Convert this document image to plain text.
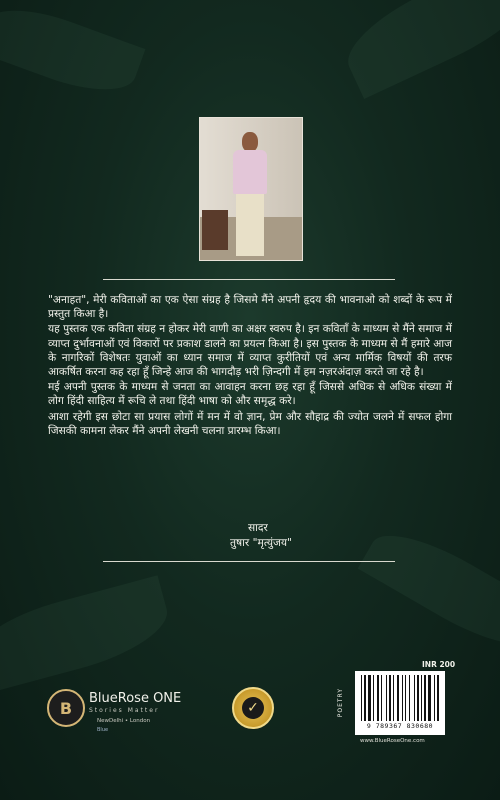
"अनाहत", मेरी कविताओं का एक ऐसा संग्रह है जिसमे मैंने अपनी हृदय की भावनाओ को शब्दों के रूप में प्रस्तुत किआ है।

यह पुस्तक एक कविता संग्रह न होकर मेरी वाणी का अक्षर स्वरुप है। इन कविताँ के माध्यम से मैंने समाज में व्याप्त दुर्भावनाओं एवं विकारों पर प्रकाश डालने का प्रयत्न किआ है। इस पुस्तक के माध्यम से मैं हमारे आज के नागरिकों विशेषतः युवाओं का ध्यान समाज में व्याप्त कुरीतियों एवं अन्य मार्मिक विषयों की तरफ आकर्षित करना कह रहा हूँ जिन्हे आज की भागदौड़ भरी ज़िन्दगी में हम नज़रअंदाज़ करते जा रहे है।

मई अपनी पुस्तक के माध्यम से जनता का आवाहन करना छह रहा हूँ जिससे अधिक से अधिक संख्या में लोग हिंदी साहित्य में रूचि ले तथा हिंदी भाषा को और समृद्ध करे।

आशा रहेगी इस छोटा सा प्रयास लोगों में मन में वो ज्ञान, प्रेम और सौहाद्र की ज्योत जलने में सफल होगा जिसकी कामना लेकर मैंने अपनी लेखनी चलना प्रारम्भ किआ।

सादर
तुषार "मृत्युंजय"
B	BlueRose ONE
Stories Matter
NewDelhi • London
Blue
✓
INR 200
POETRY
9 789367 830680
www.BlueRoseOne.com
